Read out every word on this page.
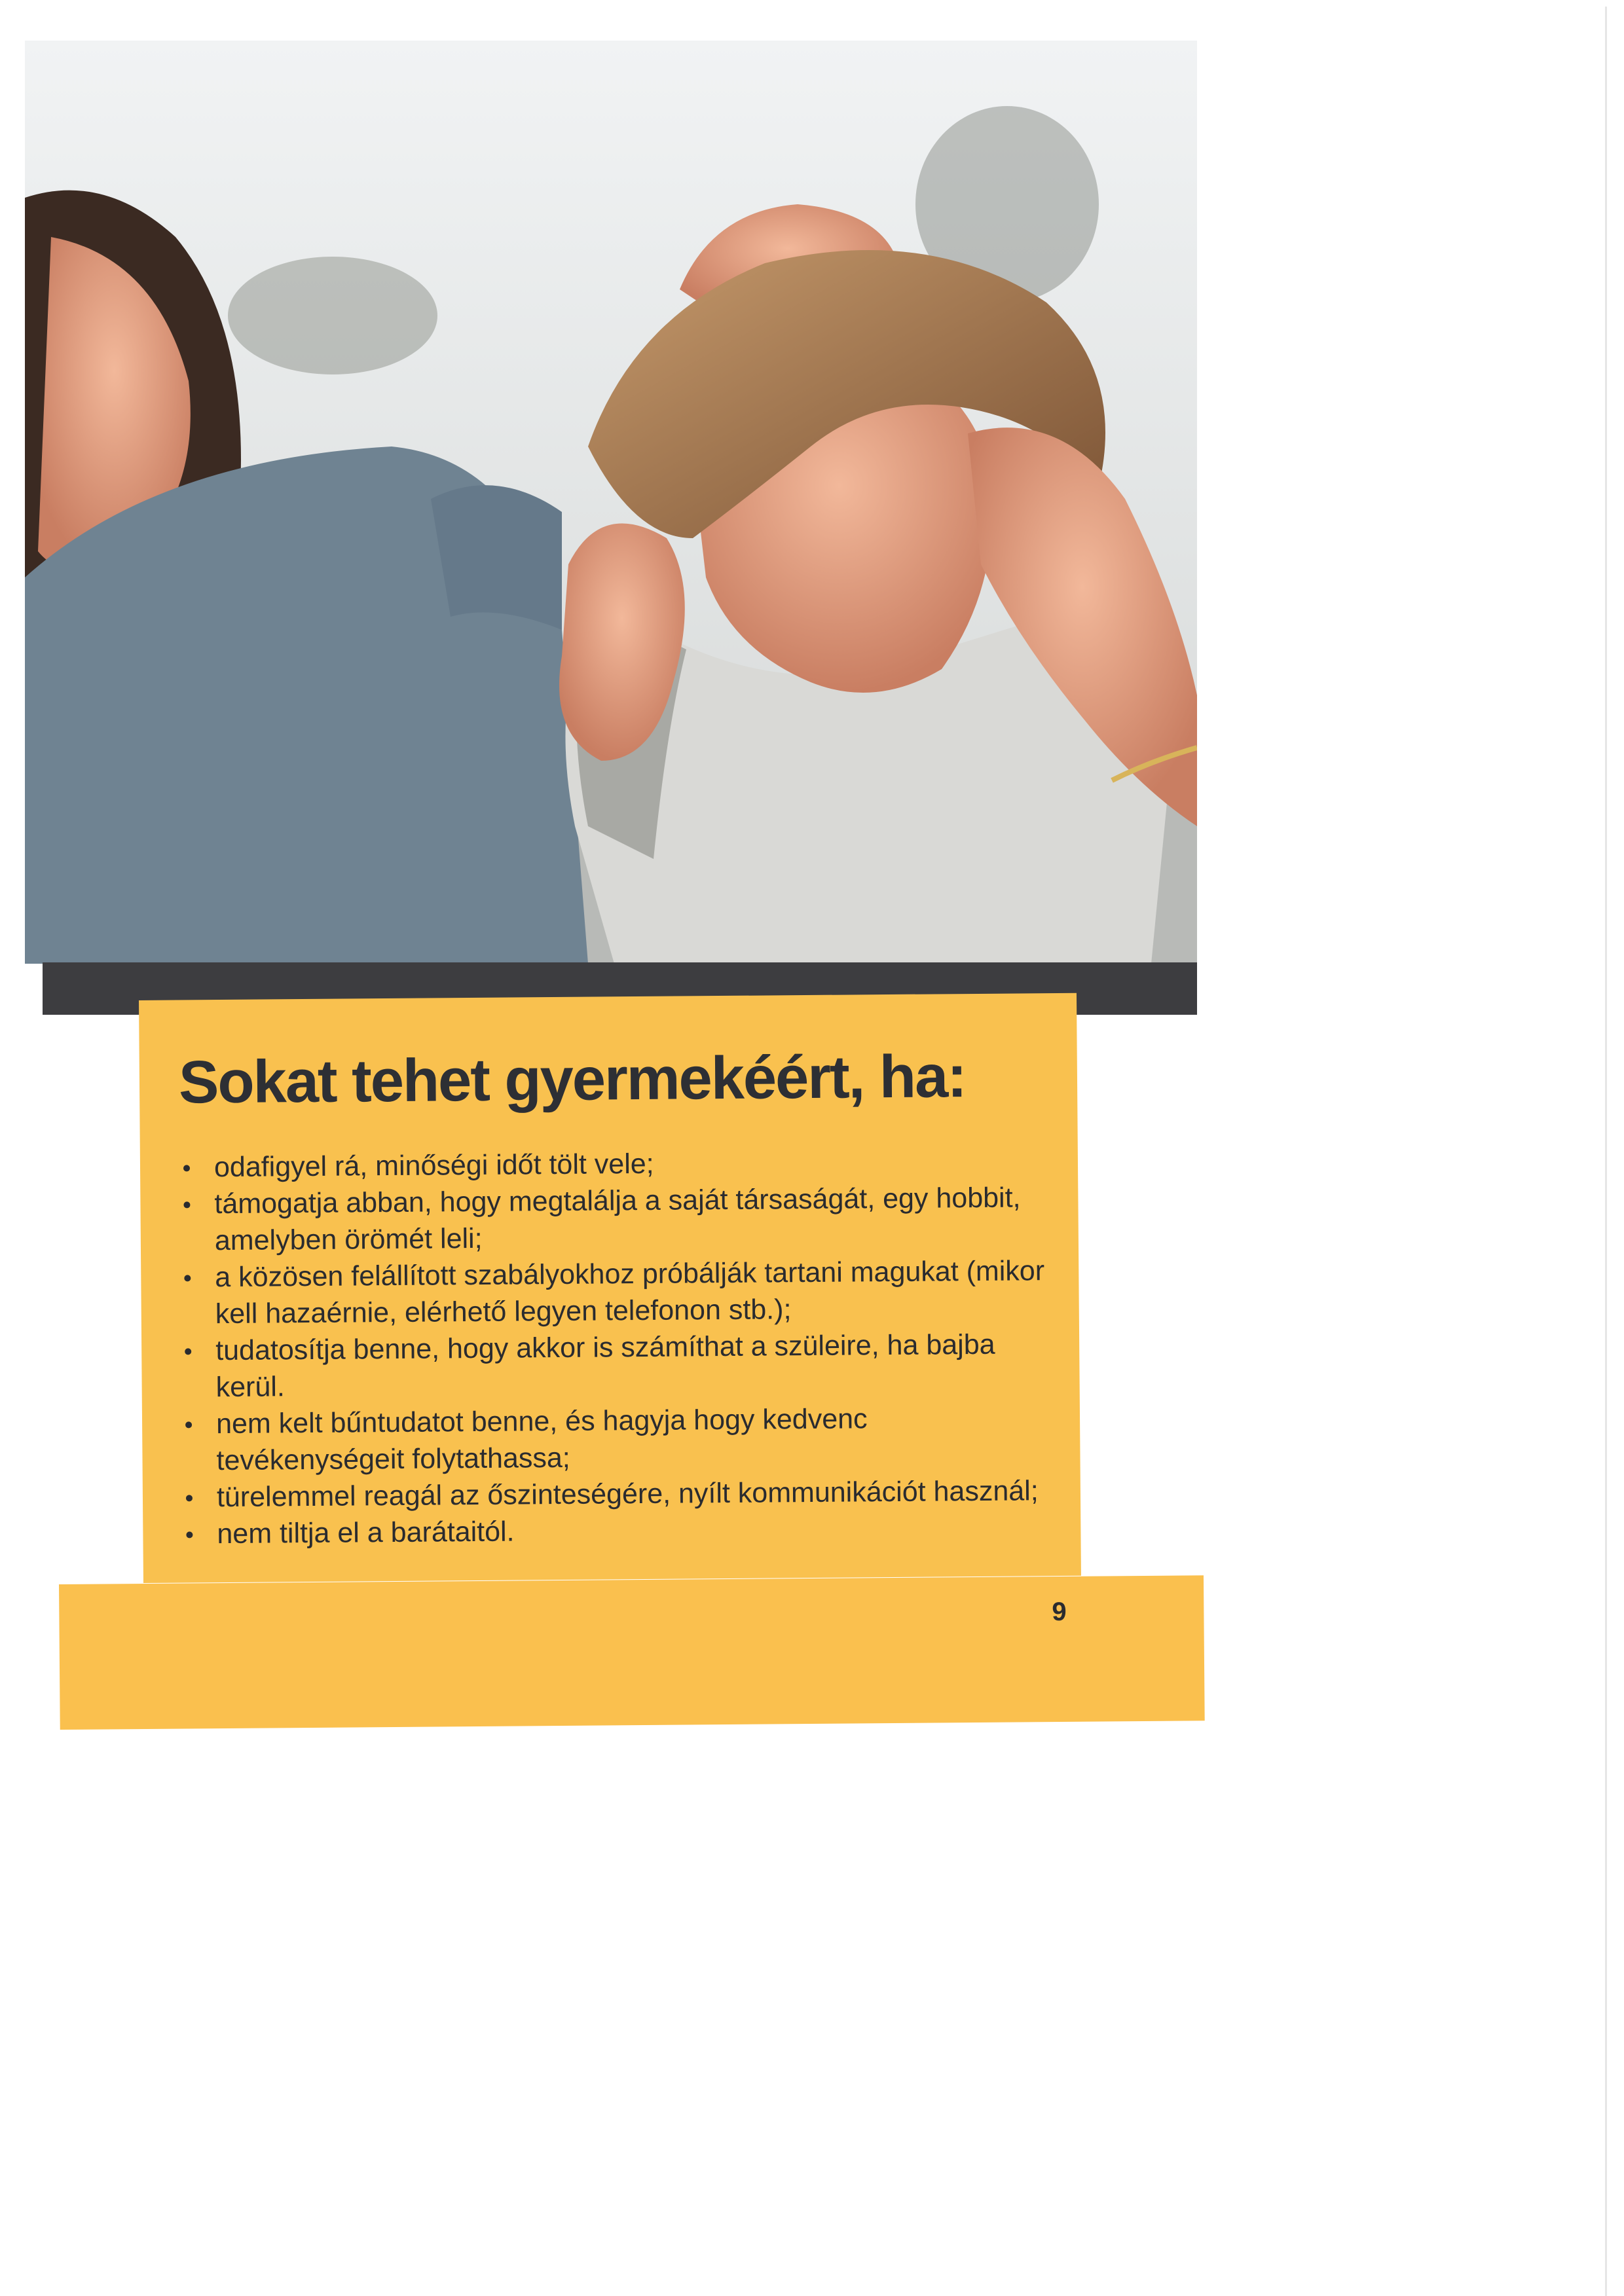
Sokat tehet gyermekéért, ha:
odafigyel rá, minőségi időt tölt vele;
támogatja abban, hogy megtalálja a saját társaságát, egy hobbit, amelyben örömét leli;
a közösen felállított szabályokhoz próbálják tartani magukat (mikor kell hazaérnie, elérhető legyen telefonon stb.);
tudatosítja benne, hogy akkor is számíthat a szüleire, ha bajba kerül.
nem kelt bűntudatot benne, és hagyja hogy kedvenc tevékenységeit folytathassa;
türelemmel reagál az őszinteségére, nyílt kommunikációt használ;
nem tiltja el a barátaitól.
9
